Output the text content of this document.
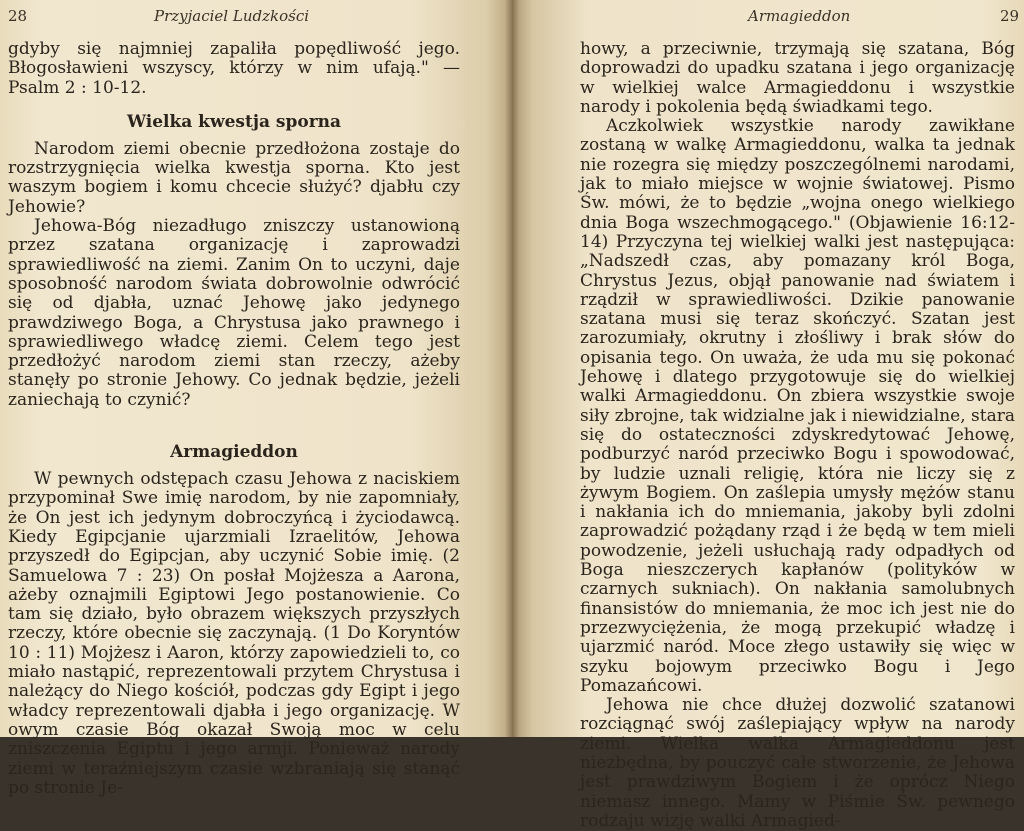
28	Przyjaciel Ludzkości

gdyby się najmniej zapaliła popędliwość jego. Błogosławieni wszyscy, którzy w nim ufają." — Psalm 2 : 10-12.

Wielka kwestja sporna

Narodom ziemi obecnie przedłożona zostaje do rozstrzygnięcia wielka kwestja sporna. Kto jest waszym bogiem i komu chcecie służyć? djabłu czy Jehowie?

Jehowa-Bóg niezadługo zniszczy ustanowioną przez szatana organizację i zaprowadzi sprawiedliwość na ziemi. Zanim On to uczyni, daje sposobność narodom świata dobrowolnie odwrócić się od djabła, uznać Jehowę jako jedynego prawdziwego Boga, a Chrystusa jako prawnego i sprawiedliwego władcę ziemi. Celem tego jest przedłożyć narodom ziemi stan rzeczy, ażeby stanęły po stronie Jehowy. Co jednak będzie, jeżeli zaniechają to czynić?

Armagieddon

W pewnych odstępach czasu Jehowa z naciskiem przypominał Swe imię narodom, by nie zapomniały, że On jest ich jedynym dobroczyńcą i życiodawcą. Kiedy Egipcjanie ujarzmiali Izraelitów, Jehowa przyszedł do Egipcjan, aby uczynić Sobie imię. (2 Samuelowa 7 : 23) On posłał Mojżesza a Aarona, ażeby oznajmili Egiptowi Jego postanowienie. Co tam się działo, było obrazem większych przyszłych rzeczy, które obecnie się zaczynają. (1 Do Koryntów 10 : 11) Mojżesz i Aaron, którzy zapowiedzieli to, co miało nastąpić, reprezentowali przytem Chrystusa i należący do Niego kościół, podczas gdy Egipt i jego władcy reprezentowali djabła i jego organizację. W owym czasie Bóg okazał Swoją moc w celu zniszczenia Egiptu i jego armji. Ponieważ narody ziemi w teraźniejszym czasie wzbraniają się stanąć po stronie Je-

Armagieddon	29

howy, a przeciwnie, trzymają się szatana, Bóg doprowadzi do upadku szatana i jego organizację w wielkiej walce Armagieddonu i wszystkie narody i pokolenia będą świadkami tego.

Aczkolwiek wszystkie narody zawikłane zostaną w walkę Armagieddonu, walka ta jednak nie rozegra się między poszczególnemi narodami, jak to miało miejsce w wojnie światowej. Pismo Św. mówi, że to będzie „wojna onego wielkiego dnia Boga wszechmogącego." (Objawienie 16:12-14) Przyczyna tej wielkiej walki jest następująca: „Nadszedł czas, aby pomazany król Boga, Chrystus Jezus, objął panowanie nad światem i rządził w sprawiedliwości. Dzikie panowanie szatana musi się teraz skończyć. Szatan jest zarozumiały, okrutny i złośliwy i brak słów do opisania tego. On uważa, że uda mu się pokonać Jehowę i dlatego przygotowuje się do wielkiej walki Armagieddonu. On zbiera wszystkie swoje siły zbrojne, tak widzialne jak i niewidzialne, stara się do ostateczności zdyskredytować Jehowę, podburzyć naród przeciwko Bogu i spowodować, by ludzie uznali religię, która nie liczy się z żywym Bogiem. On zaślepia umysły mężów stanu i nakłania ich do mniemania, jakoby byli zdolni zaprowadzić pożądany rząd i że będą w tem mieli powodzenie, jeżeli usłuchają rady odpadłych od Boga nieszczerych kapłanów (polityków w czarnych sukniach). On nakłania samolubnych finansistów do mniemania, że moc ich jest nie do przezwyciężenia, że mogą przekupić władzę i ujarzmić naród. Moce złego ustawiły się więc w szyku bojowym przeciwko Bogu i Jego Pomazańcowi.

Jehowa nie chce dłużej dozwolić szatanowi rozciągnąć swój zaślepiający wpływ na narody ziemi. Wielka walka Armagieddonu jest niezbędna, by pouczyć całe stworzenie, że Jehowa jest prawdziwym Bogiem i że oprócz Niego niemasz innego. Mamy w Piśmie Św. pewnego rodzaju wizję walki Armagied-
